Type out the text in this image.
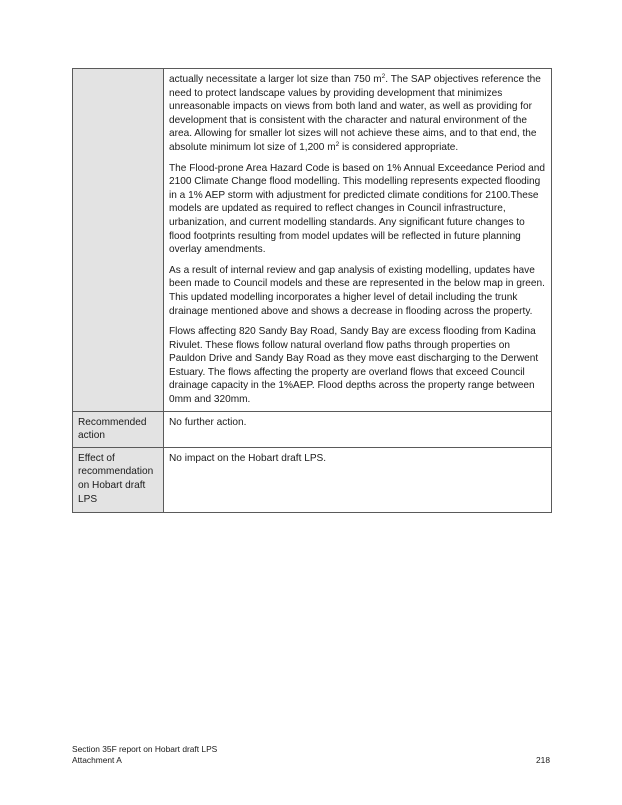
	actually necessitate a larger lot size than 750 $m^2$. The SAP objectives reference the need to protect landscape values by providing development that minimizes unreasonable impacts on views from both land and water, as well as providing for development that is consistent with the character and natural environment of the area. Allowing for smaller lot sizes will not achieve these aims, and to that end, the absolute minimum lot size of 1,200 $m^2$ is considered appropriate.

The Flood-prone Area Hazard Code is based on 1% Annual Exceedance Period and 2100 Climate Change flood modelling. This modelling represents expected flooding in a 1% AEP storm with adjustment for predicted climate conditions for 2100.These models are updated as required to reflect changes in Council infrastructure, urbanization, and current modelling standards. Any significant future changes to flood footprints resulting from model updates will be reflected in future planning overlay amendments.

As a result of internal review and gap analysis of existing modelling, updates have been made to Council models and these are represented in the below map in green. This updated modelling incorporates a higher level of detail including the trunk drainage mentioned above and shows a decrease in flooding across the property.

Flows affecting 820 Sandy Bay Road, Sandy Bay are excess flooding from Kadina Rivulet. These flows follow natural overland flow paths through properties on Pauldon Drive and Sandy Bay Road as they move east discharging to the Derwent Estuary. The flows affecting the property are overland flows that exceed Council drainage capacity in the 1%AEP. Flood depths across the property range between 0mm and 320mm.

Recommended action	No further action.

Effect of recommendation on Hobart draft LPS	No impact on the Hobart draft LPS.

Section 35F report on Hobart draft LPS
Attachment A	218
